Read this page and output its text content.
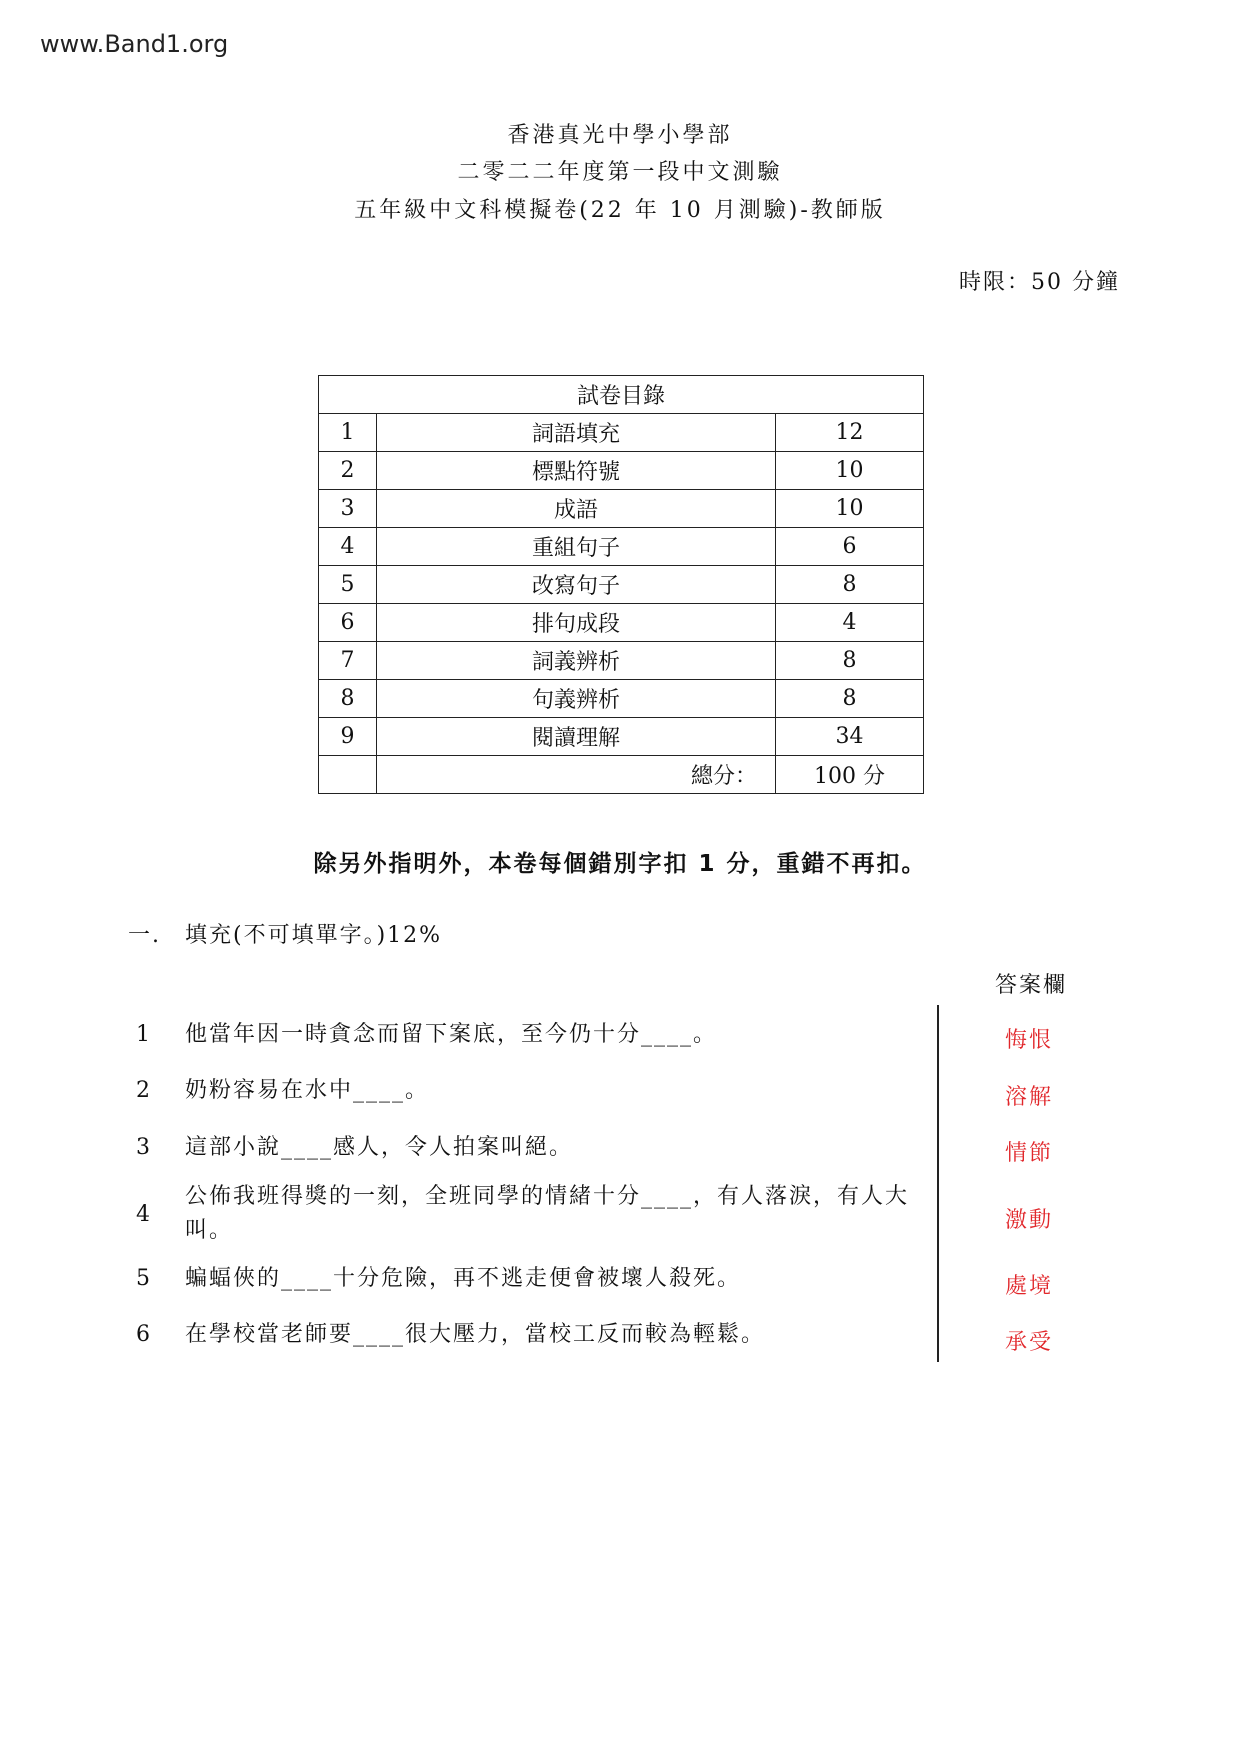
www.Band1.org
香港真光中學小學部
二零二二年度第一段中文測驗
五年級中文科模擬卷(22 年 10 月測驗)-教師版
時限：50 分鐘
試卷目錄		
1	詞語填充	12
2	標點符號	10
3	成語	10
4	重組句子	6
5	改寫句子	8
6	排句成段	4
7	詞義辨析	8
8	句義辨析	8
9	閱讀理解	34
	總分：	100 分
除另外指明外，本卷每個錯別字扣 1 分，重錯不再扣。
一. 填充(不可填單字。)12%
答案欄
1 他當年因一時貪念而留下案底，至今仍十分____。	悔恨
2 奶粉容易在水中____。	溶解
3 這部小說____感人，令人拍案叫絕。	情節
4
公佈我班得獎的一刻，全班同學的情緒十分____，有人落淚，有人大叫。	激動
5 蝙蝠俠的____十分危險，再不逃走便會被壞人殺死。	處境
6 在學校當老師要____很大壓力，當校工反而較為輕鬆。	承受
